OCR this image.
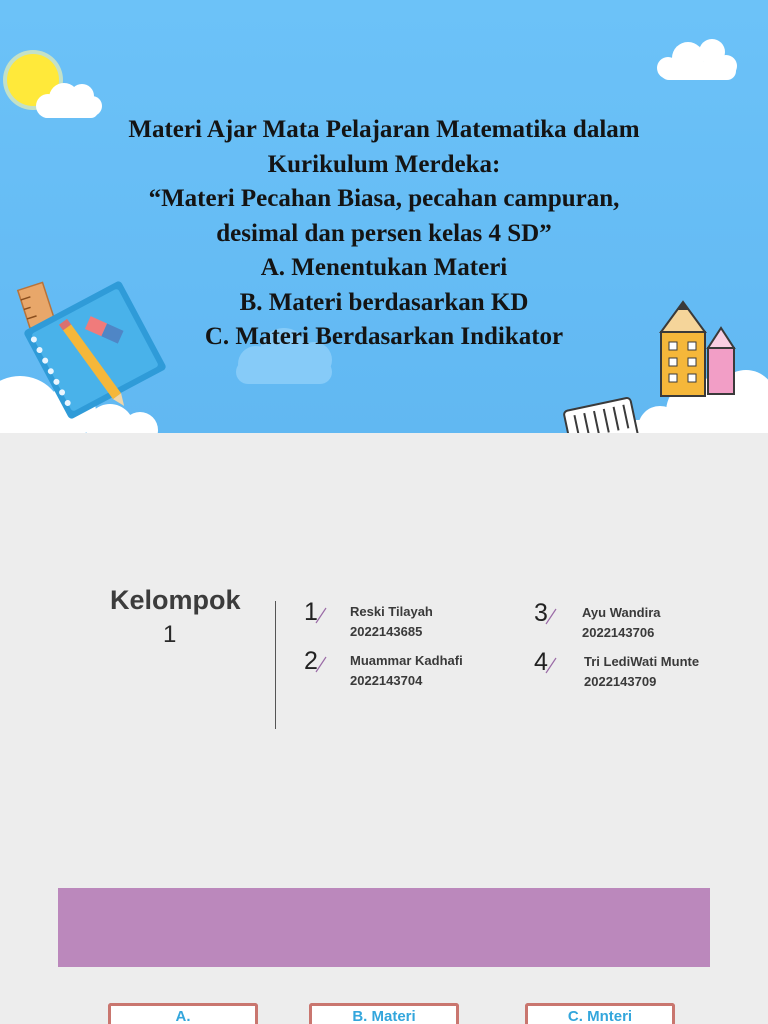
Materi Ajar Mata Pelajaran Matematika dalam
Kurikulum Merdeka:
“Materi Pecahan Biasa, pecahan campuran,
desimal dan persen kelas 4 SD”
A. Menentukan Materi
B. Materi berdasarkan KD
C. Materi Berdasarkan Indikator
Kelompok
1
1 Reski Tilayah
2022143685
2 Muammar Kadhafi
2022143704
3	Ayu Wandira
2022143706
4	Tri LediWati Munte
2022143709
A.	B. Materi	C. Mnteri
